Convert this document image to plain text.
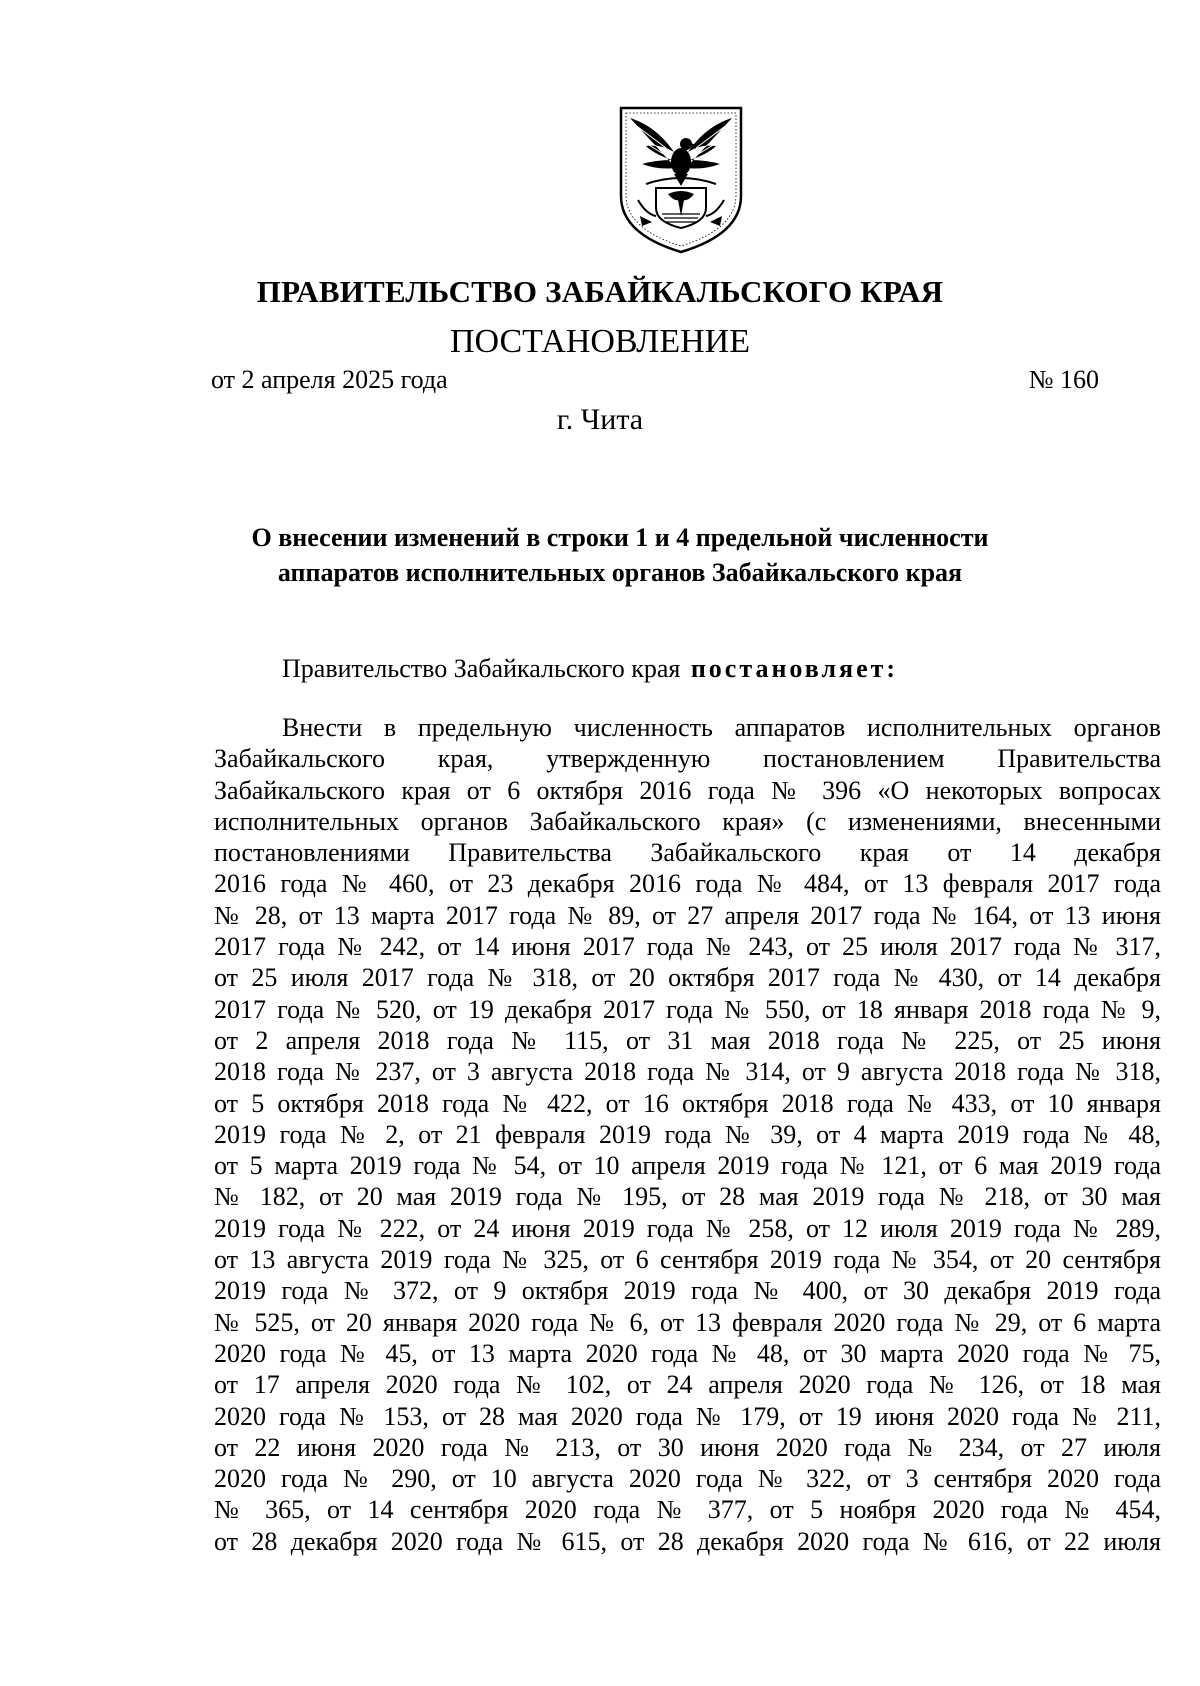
ПРАВИТЕЛЬСТВО ЗАБАЙКАЛЬСКОГО КРАЯ
ПОСТАНОВЛЕНИЕ
от 2 апреля 2025 года	№ 160
г. Чита
О внесении изменений в строки 1 и 4 предельной численности
аппаратов исполнительных органов Забайкальского края
Правительство Забайкальского края постановляет:
Внести в предельную численность аппаратов исполнительных органов
Забайкальского края, утвержденную постановлением Правительства
Забайкальского края от 6 октября 2016 года № 396 «О некоторых вопросах
исполнительных органов Забайкальского края» (с изменениями, внесенными
постановлениями Правительства Забайкальского края от 14 декабря
2016 года № 460, от 23 декабря 2016 года № 484, от 13 февраля 2017 года
№ 28, от 13 марта 2017 года № 89, от 27 апреля 2017 года № 164, от 13 июня
2017 года № 242, от 14 июня 2017 года № 243, от 25 июля 2017 года № 317,
от 25 июля 2017 года № 318, от 20 октября 2017 года № 430, от 14 декабря
2017 года № 520, от 19 декабря 2017 года № 550, от 18 января 2018 года № 9,
от 2 апреля 2018 года № 115, от 31 мая 2018 года № 225, от 25 июня
2018 года № 237, от 3 августа 2018 года № 314, от 9 августа 2018 года № 318,
от 5 октября 2018 года № 422, от 16 октября 2018 года № 433, от 10 января
2019 года № 2, от 21 февраля 2019 года № 39, от 4 марта 2019 года № 48,
от 5 марта 2019 года № 54, от 10 апреля 2019 года № 121, от 6 мая 2019 года
№ 182, от 20 мая 2019 года № 195, от 28 мая 2019 года № 218, от 30 мая
2019 года № 222, от 24 июня 2019 года № 258, от 12 июля 2019 года № 289,
от 13 августа 2019 года № 325, от 6 сентября 2019 года № 354, от 20 сентября
2019 года № 372, от 9 октября 2019 года № 400, от 30 декабря 2019 года
№ 525, от 20 января 2020 года № 6, от 13 февраля 2020 года № 29, от 6 марта
2020 года № 45, от 13 марта 2020 года № 48, от 30 марта 2020 года № 75,
от 17 апреля 2020 года № 102, от 24 апреля 2020 года № 126, от 18 мая
2020 года № 153, от 28 мая 2020 года № 179, от 19 июня 2020 года № 211,
от 22 июня 2020 года № 213, от 30 июня 2020 года № 234, от 27 июля
2020 года № 290, от 10 августа 2020 года № 322, от 3 сентября 2020 года
№ 365, от 14 сентября 2020 года № 377, от 5 ноября 2020 года № 454,
от 28 декабря 2020 года № 615, от 28 декабря 2020 года № 616, от 22 июля
